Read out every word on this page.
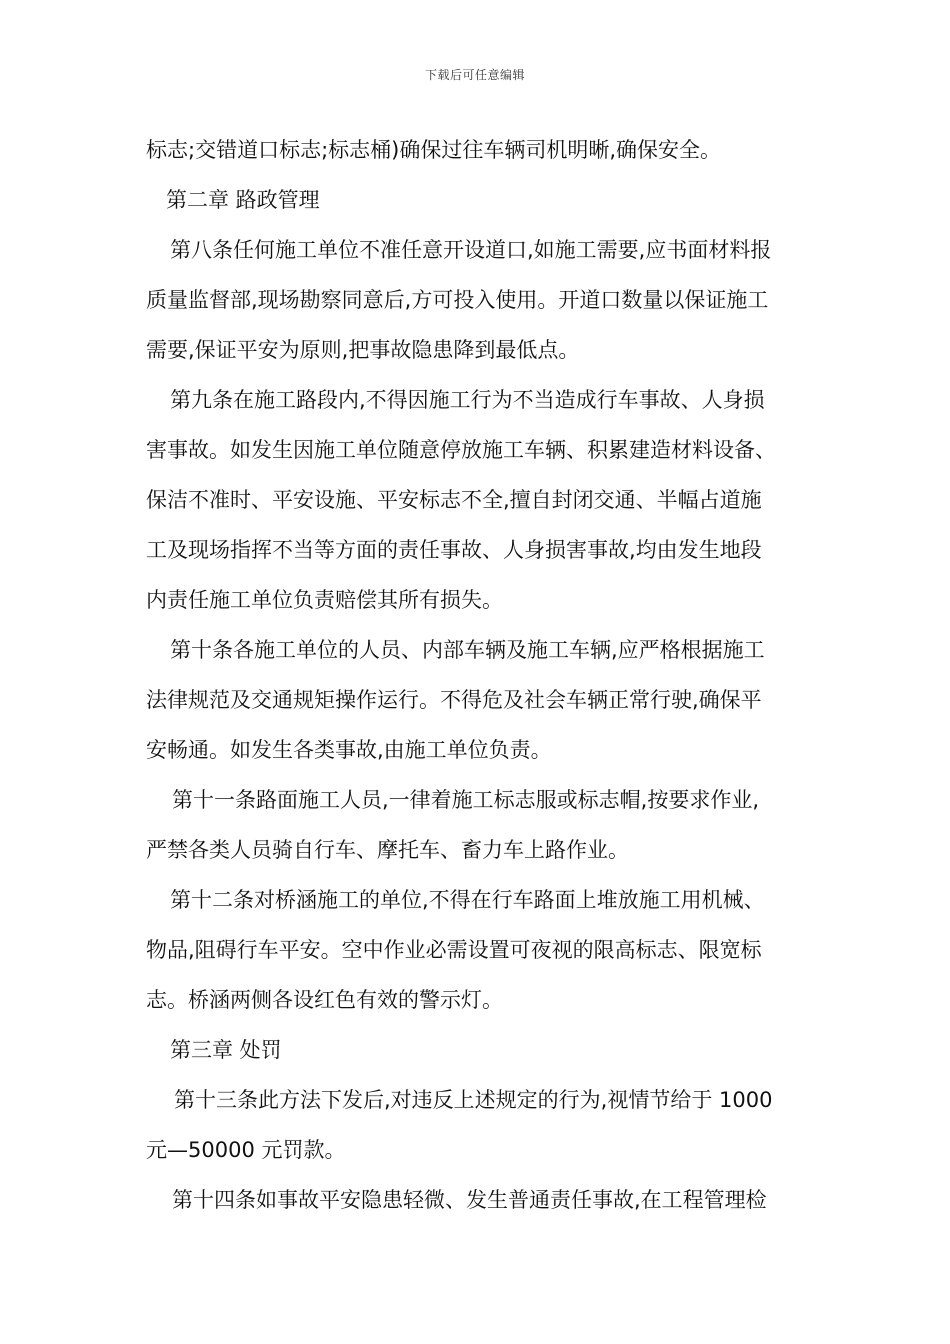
下载后可任意编辑
标志;交错道口标志;标志桶)确保过往车辆司机明晰,确保安全。
第二章 路政管理
第八条任何施工单位不准任意开设道口,如施工需要,应书面材料报
质量监督部,现场勘察同意后,方可投入使用。开道口数量以保证施工
需要,保证平安为原则,把事故隐患降到最低点。
第九条在施工路段内,不得因施工行为不当造成行车事故、人身损
害事故。如发生因施工单位随意停放施工车辆、积累建造材料设备、
保洁不准时、平安设施、平安标志不全,擅自封闭交通、半幅占道施
工及现场指挥不当等方面的责任事故、人身损害事故,均由发生地段
内责任施工单位负责赔偿其所有损失。
第十条各施工单位的人员、内部车辆及施工车辆,应严格根据施工
法律规范及交通规矩操作运行。不得危及社会车辆正常行驶,确保平
安畅通。如发生各类事故,由施工单位负责。
第十一条路面施工人员,一律着施工标志服或标志帽,按要求作业,
严禁各类人员骑自行车、摩托车、畜力车上路作业。
第十二条对桥涵施工的单位,不得在行车路面上堆放施工用机械、
物品,阻碍行车平安。空中作业必需设置可夜视的限高标志、限宽标
志。桥涵两侧各设红色有效的警示灯。
第三章 处罚
第十三条此方法下发后,对违反上述规定的行为,视情节给于 1000
元—50000 元罚款。
第十四条如事故平安隐患轻微、发生普通责任事故,在工程管理检
